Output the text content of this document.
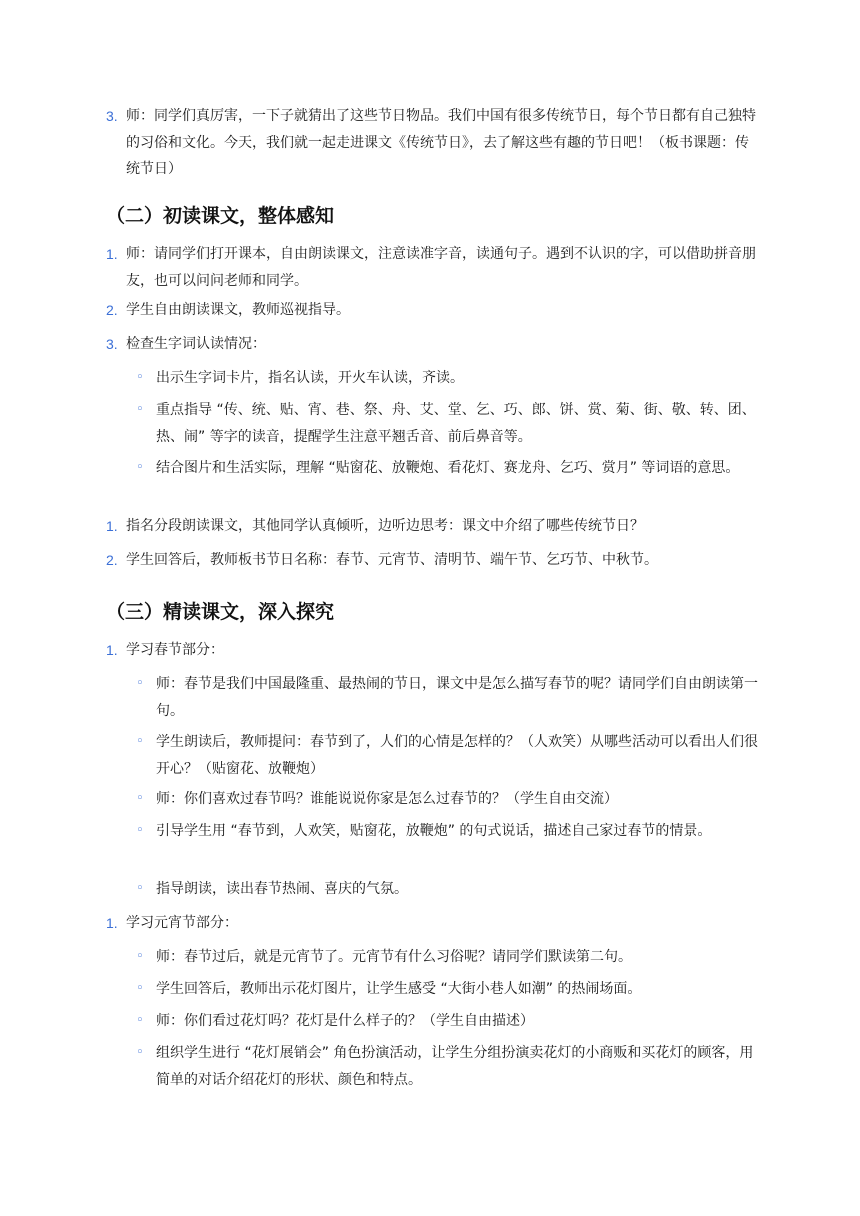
3. 师：同学们真厉害，一下子就猜出了这些节日物品。我们中国有很多传统节日，每个节日都有自己独特的习俗和文化。今天，我们就一起走进课文《传统节日》，去了解这些有趣的节日吧！（板书课题：传统节日）
（二）初读课文，整体感知
1. 师：请同学们打开课本，自由朗读课文，注意读准字音，读通句子。遇到不认识的字，可以借助拼音朋友，也可以问问老师和同学。
2. 学生自由朗读课文，教师巡视指导。
3. 检查生字词认读情况：
◦ 出示生字词卡片，指名认读，开火车认读，齐读。
◦ 重点指导 “传、统、贴、宵、巷、祭、舟、艾、堂、乞、巧、郎、饼、赏、菊、街、敬、转、团、热、闹” 等字的读音，提醒学生注意平翘舌音、前后鼻音等。
◦ 结合图片和生活实际，理解 “贴窗花、放鞭炮、看花灯、赛龙舟、乞巧、赏月” 等词语的意思。
1. 指名分段朗读课文，其他同学认真倾听，边听边思考：课文中介绍了哪些传统节日？
2. 学生回答后，教师板书节日名称：春节、元宵节、清明节、端午节、乞巧节、中秋节。
（三）精读课文，深入探究
1. 学习春节部分：
◦ 师：春节是我们中国最隆重、最热闹的节日，课文中是怎么描写春节的呢？请同学们自由朗读第一句。
◦ 学生朗读后，教师提问：春节到了，人们的心情是怎样的？（人欢笑）从哪些活动可以看出人们很开心？（贴窗花、放鞭炮）
◦ 师：你们喜欢过春节吗？谁能说说你家是怎么过春节的？（学生自由交流）
◦ 引导学生用 “春节到，人欢笑，贴窗花，放鞭炮” 的句式说话，描述自己家过春节的情景。
◦ 指导朗读，读出春节热闹、喜庆的气氛。
1. 学习元宵节部分：
◦ 师：春节过后，就是元宵节了。元宵节有什么习俗呢？请同学们默读第二句。
◦ 学生回答后，教师出示花灯图片，让学生感受 “大街小巷人如潮” 的热闹场面。
◦ 师：你们看过花灯吗？花灯是什么样子的？（学生自由描述）
◦ 组织学生进行 “花灯展销会” 角色扮演活动，让学生分组扮演卖花灯的小商贩和买花灯的顾客，用简单的对话介绍花灯的形状、颜色和特点。
